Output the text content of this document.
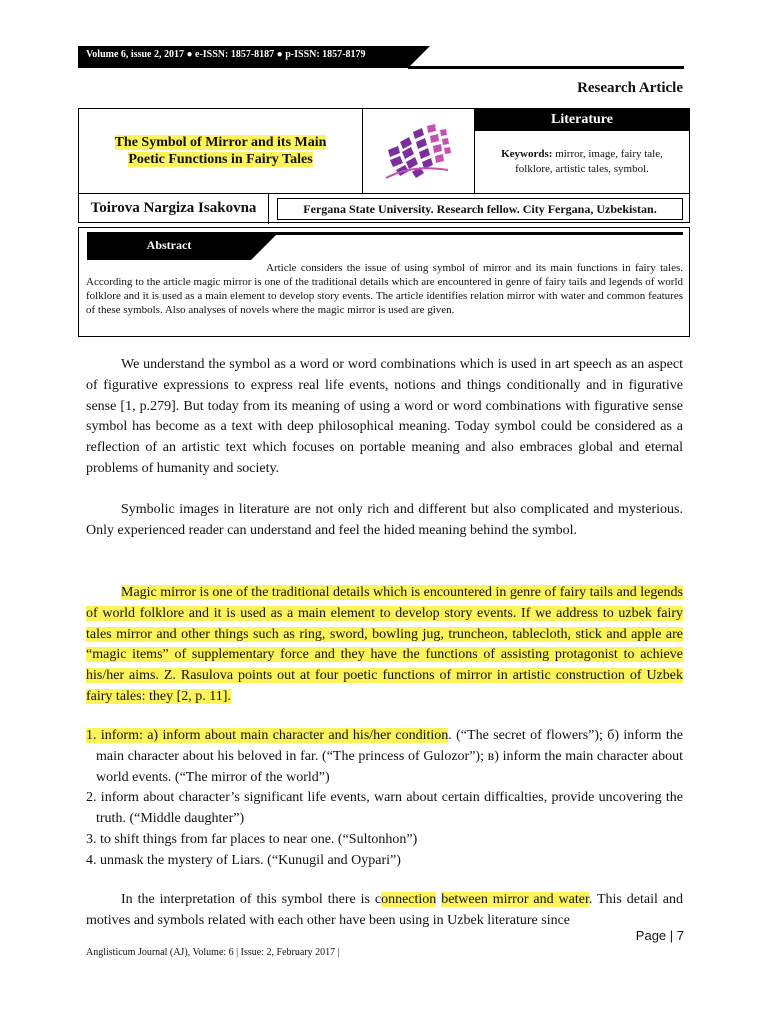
Volume 6, issue 2, 2017 ● e-ISSN: 1857-8187 ● p-ISSN: 1857-8179
Research Article
The Symbol of Mirror and its Main
Poetic Functions in Fairy Tales
Literature
Keywords: mirror, image, fairy tale, folklore, artistic tales, symbol.
Toirova Nargiza Isakovna	Fergana State University. Research fellow. City Fergana, Uzbekistan.
Abstract
Article considers the issue of using symbol of mirror and its main functions in fairy tales. According to the article magic mirror is one of the traditional details which are encountered in genre of fairy tails and legends of world folklore and it is used as a main element to develop story events. The article identifies relation mirror with water and common features of these symbols. Also analyses of novels where the magic mirror is used are given.

We understand the symbol as a word or word combinations which is used in art speech as an aspect of figurative expressions to express real life events, notions and things conditionally and in figurative sense [1, p.279]. But today from its meaning of using a word or word combinations with figurative sense symbol has become as a text with deep philosophical meaning. Today symbol could be considered as a reflection of an artistic text which focuses on portable meaning and also embraces global and eternal problems of humanity and society.

Symbolic images in literature are not only rich and different but also complicated and mysterious. Only experienced reader can understand and feel the hided meaning behind the symbol.

Magic mirror is one of the traditional details which is encountered in genre of fairy tails and legends of world folklore and it is used as a main element to develop story events. If we address to uzbek fairy tales mirror and other things such as ring, sword, bowling jug, truncheon, tablecloth, stick and apple are “magic items” of supplementary force and they have the functions of assisting protagonist to achieve his/her aims. Z. Rasulova points out at four poetic functions of mirror in artistic construction of Uzbek fairy tales: they [2, p. 11].

1. inform: a) inform about main character and his/her condition. (“The secret of flowers”); б) inform the main character about his beloved in far. (“The princess of Gulozor”); в) inform the main character about world events. (“The mirror of the world”)
2. inform about character’s significant life events, warn about certain difficalties, provide uncovering the truth. (“Middle daughter”)
3. to shift things from far places to near one. (“Sultonhon”)
4. unmask the mystery of Liars. (“Kunugil and Oypari”)

In the interpretation of this symbol there is connection between mirror and water. This detail and motives and symbols related with each other have been using in Uzbek literature since

Page | 7
Anglisticum Journal (AJ), Volume: 6 | Issue: 2, February 2017 |
